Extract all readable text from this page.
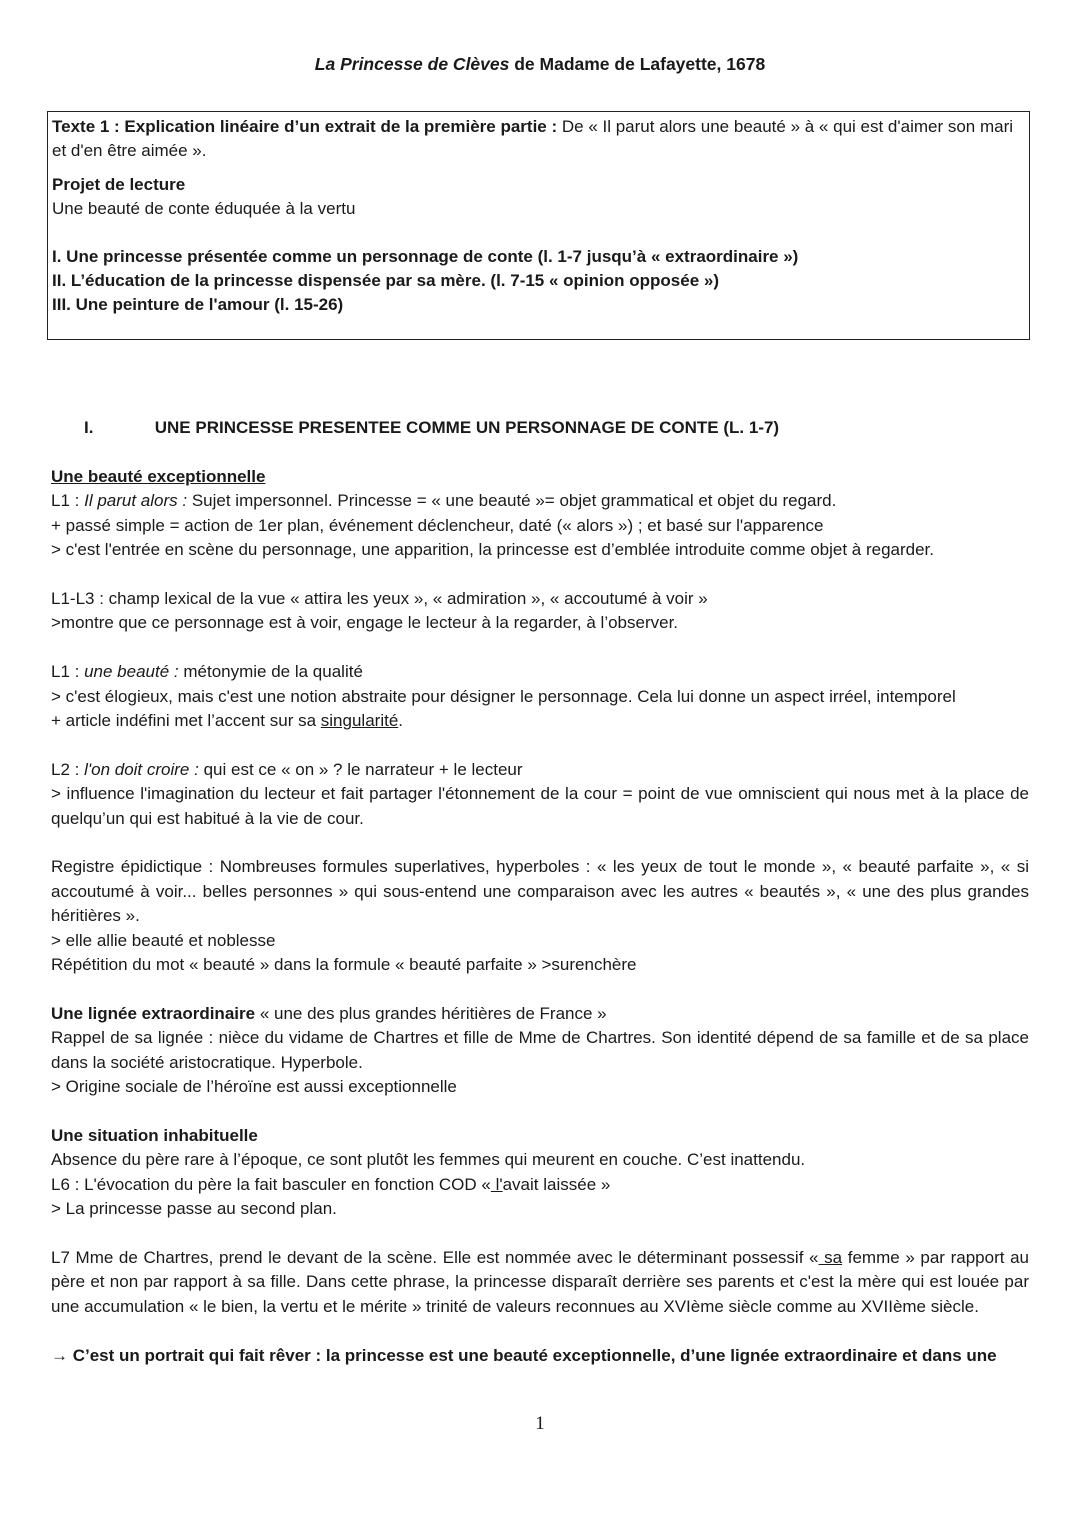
La Princesse de Clèves de Madame de Lafayette, 1678

Texte 1 : Explication linéaire d’un extrait de la première partie : De « Il parut alors une beauté » à « qui est d'aimer son mari et d'en être aimée ».

Projet de lecture

Une beauté de conte éduquée à la vertu

I. Une princesse présentée comme un personnage de conte (l. 1-7 jusqu’à « extraordinaire »)

II. L’éducation de la princesse dispensée par sa mère. (l. 7-15 « opinion opposée »)

III. Une peinture de l'amour (l. 15-26)

I.	UNE PRINCESSE PRESENTEE COMME UN PERSONNAGE DE CONTE (L. 1-7)

Une beauté exceptionnelle

L1 : Il parut alors : Sujet impersonnel. Princesse = « une beauté »= objet grammatical et objet du regard.

+ passé simple = action de 1er plan, événement déclencheur, daté (« alors ») ; et basé sur l'apparence

> c'est l'entrée en scène du personnage, une apparition, la princesse est d’emblée introduite comme objet à regarder.

L1-L3 : champ lexical de la vue « attira les yeux », « admiration », « accoutumé à voir »

>montre que ce personnage est à voir, engage le lecteur à la regarder, à l’observer.

L1 : une beauté : métonymie de la qualité

> c'est élogieux, mais c'est une notion abstraite pour désigner le personnage. Cela lui donne un aspect irréel, intemporel

+ article indéfini met l’accent sur sa singularité.

L2 : l'on doit croire : qui est ce « on » ? le narrateur + le lecteur

> influence l'imagination du lecteur et fait partager l'étonnement de la cour = point de vue omniscient qui nous met à la place de quelqu’un qui est habitué à la vie de cour.

Registre épidictique : Nombreuses formules superlatives, hyperboles : « les yeux de tout le monde », « beauté parfaite », « si accoutumé à voir... belles personnes » qui sous-entend une comparaison avec les autres « beautés », « une des plus grandes héritières ».

> elle allie beauté et noblesse

Répétition du mot « beauté » dans la formule « beauté parfaite » >surenchère

Une lignée extraordinaire « une des plus grandes héritières de France »

Rappel de sa lignée : nièce du vidame de Chartres et fille de Mme de Chartres. Son identité dépend de sa famille et de sa place dans la société aristocratique. Hyperbole.

> Origine sociale de l’héroïne est aussi exceptionnelle

Une situation inhabituelle

Absence du père rare à l’époque, ce sont plutôt les femmes qui meurent en couche. C’est inattendu.

L6 : L'évocation du père la fait basculer en fonction COD « l'avait laissée »

> La princesse passe au second plan.

L7 Mme de Chartres, prend le devant de la scène. Elle est nommée avec le déterminant possessif « sa femme » par rapport au père et non par rapport à sa fille. Dans cette phrase, la princesse disparaît derrière ses parents et c'est la mère qui est louée par une accumulation « le bien, la vertu et le mérite » trinité de valeurs reconnues au XVIème siècle comme au XVIIème siècle.

→ C’est un portrait qui fait rêver : la princesse est une beauté exceptionnelle, d’une lignée extraordinaire et dans une

1
